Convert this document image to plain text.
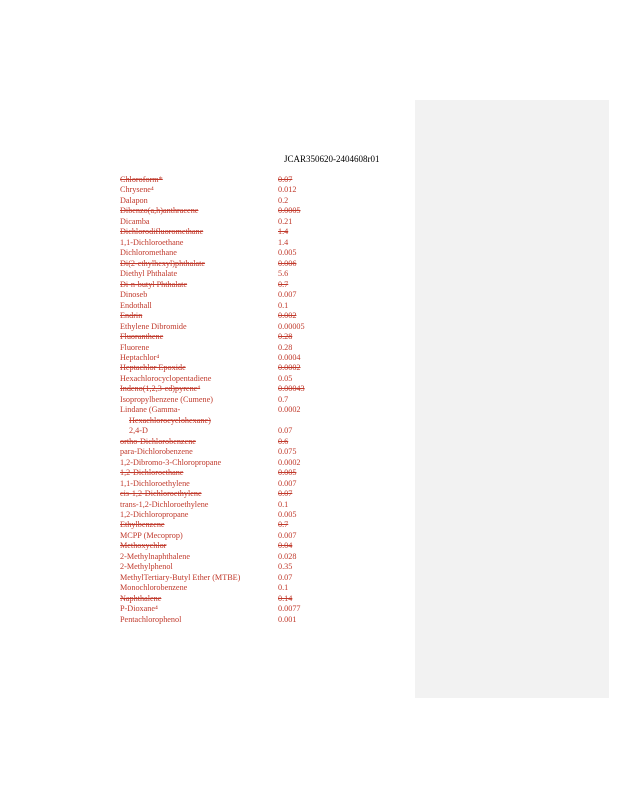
JCAR350620-2404608r01
Chloroform*	0.07
Chrysene⁴	0.012
Dalapon	0.2
Dibenzo(a,h)anthracene	0.0005
Dicamba	0.21
Dichlorodifluoromethane	1.4
1,1-Dichloroethane	1.4
Dichloromethane	0.005
Di(2-ethylhexyl)phthalate	0.006
Diethyl Phthalate	5.6
Di-n-butyl Phthalate	0.7
Dinoseb	0.007
Endothall	0.1
Endrin	0.002
Ethylene Dibromide	0.00005
Fluoranthene	0.28
Fluorene	0.28
Heptachlor⁴	0.0004
Heptachlor Epoxide	0.0002
Hexachlorocyclopentadiene	0.05
Indeno(1,2,3-cd)pyrene⁴	0.00043
Isopropylbenzene (Cumene)	0.7
Lindane (Gamma-	0.0002
Hexachlorocyclohexane)
2,4-D	0.07
ortho-Dichlorobenzene	0.6
para-Dichlorobenzene	0.075
1,2-Dibromo-3-Chloropropane	0.0002
1,2-Dichloroethane	0.005
1,1-Dichloroethylene	0.007
cis-1,2-Dichloroethylene	0.07
trans-1,2-Dichloroethylene	0.1
1,2-Dichloropropane	0.005
Ethylbenzene	0.7
MCPP (Mecoprop)	0.007
Methoxychlor	0.04
2-Methylnaphthalene	0.028
2-Methylphenol	0.35
MethylTertiary-Butyl Ether (MTBE)	0.07
Monochlorobenzene	0.1
Naphthalene	0.14
P-Dioxane⁴	0.0077
Pentachlorophenol	0.001
